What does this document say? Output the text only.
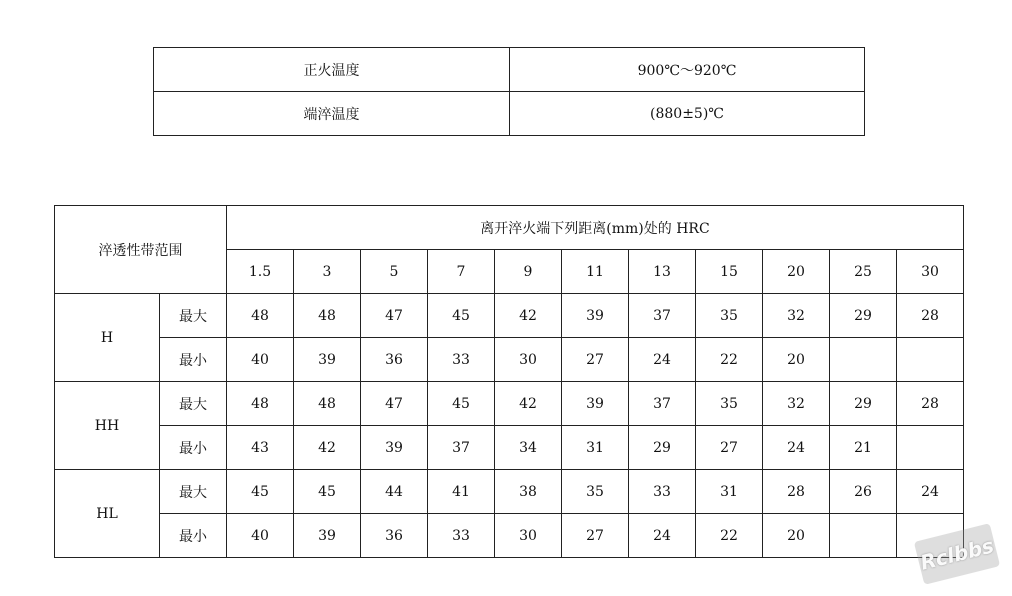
正火温度	900℃～920℃
端淬温度	(880±5)℃
淬透性带范围		离开淬火端下列距离(mm)处的 HRC										
		1.5	3	5	7	9	11	13	15	20	25	30
H	最大	48	48	47	45	42	39	37	35	32	29	28
	最小	40	39	36	33	30	27	24	22	20		
HH	最大	48	48	47	45	42	39	37	35	32	29	28
	最小	43	42	39	37	34	31	29	27	24	21	
HL	最大	45	45	44	41	38	35	33	31	28	26	24
	最小	40	39	36	33	30	27	24	22	20			Rclbbs
